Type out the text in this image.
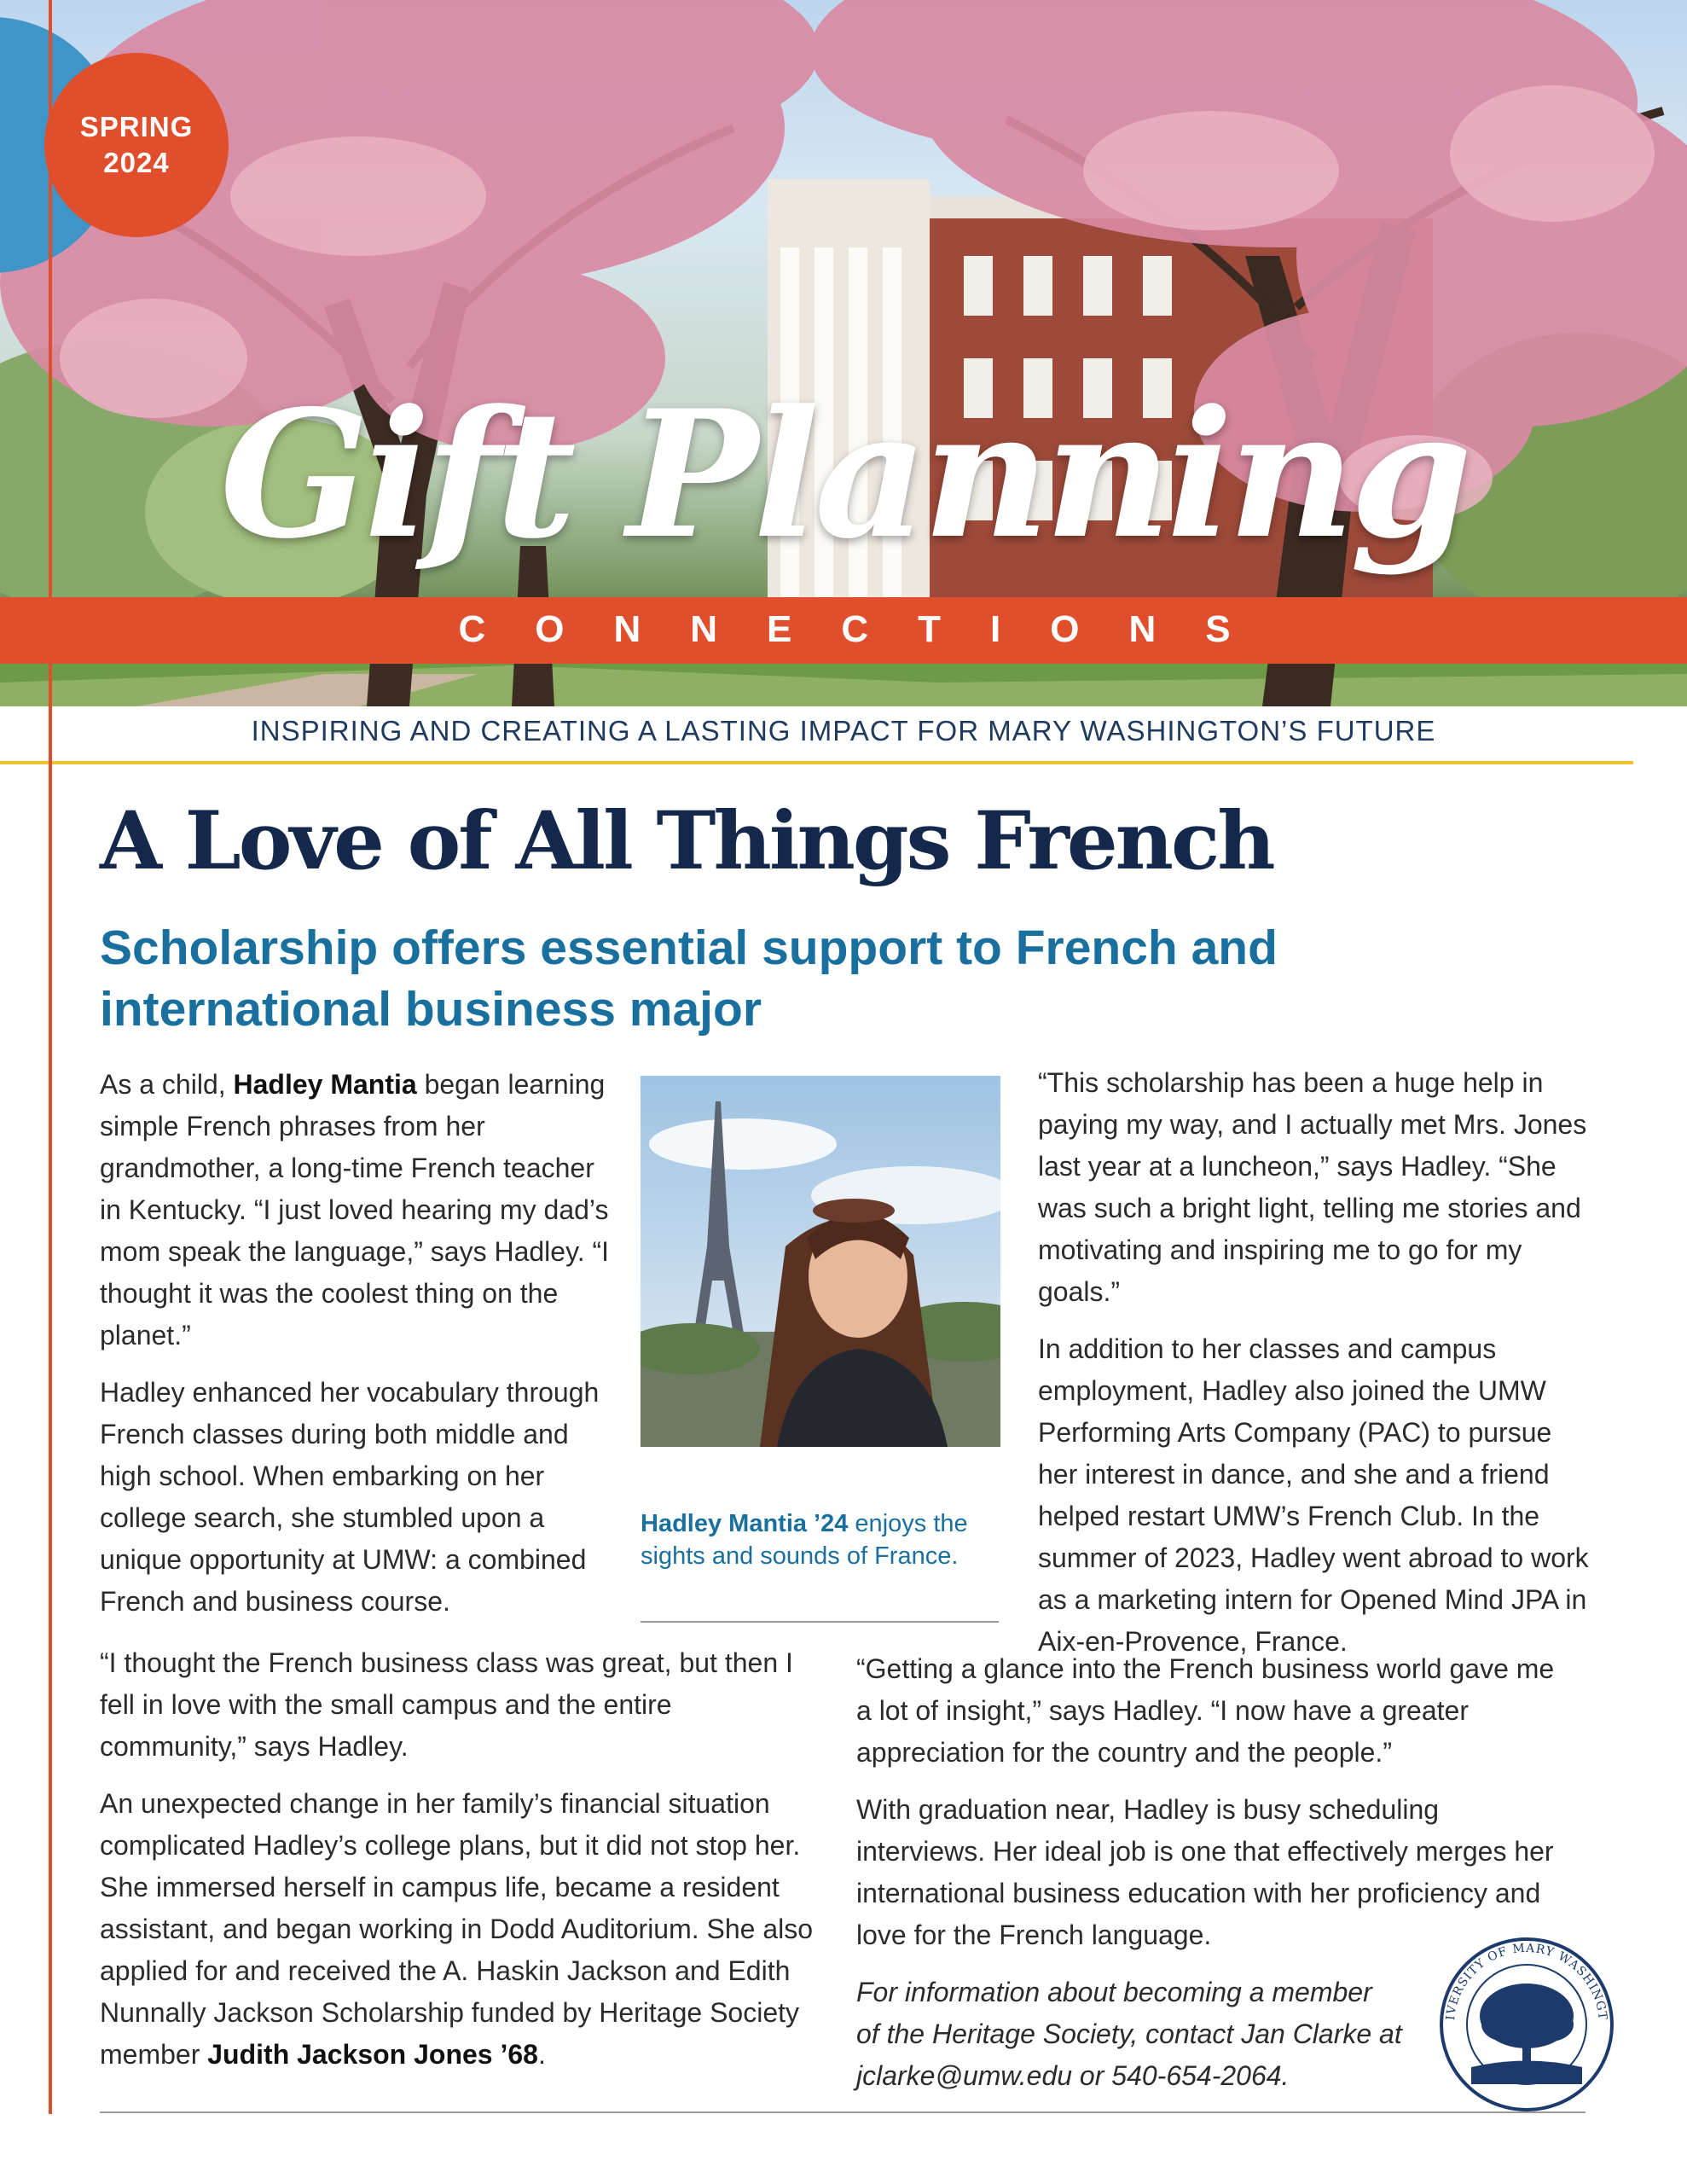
SPRING
2024
Gift Planning
CONNECTIONS
INSPIRING AND CREATING A LASTING IMPACT FOR MARY WASHINGTON’S FUTURE
A Love of All Things French
Scholarship offers essential support to French and international business major

As a child, Hadley Mantia began learning simple French phrases from her grandmother, a long-time French teacher in Kentucky. “I just loved hearing my dad’s mom speak the language,” says Hadley. “I thought it was the coolest thing on the planet.”

Hadley enhanced her vocabulary through French classes during both middle and high school. When embarking on her college search, she stumbled upon a unique opportunity at UMW: a combined French and business course.

Hadley Mantia ’24 enjoys the sights and sounds of France.

“This scholarship has been a huge help in paying my way, and I actually met Mrs. Jones last year at a luncheon,” says Hadley. “She was such a bright light, telling me stories and motivating and inspiring me to go for my goals.”

In addition to her classes and campus employment, Hadley also joined the UMW Performing Arts Company (PAC) to pursue her interest in dance, and she and a friend helped restart UMW’s French Club. In the summer of 2023, Hadley went abroad to work as a marketing intern for Opened Mind JPA in Aix-en-Provence, France.

“I thought the French business class was great, but then I fell in love with the small campus and the entire community,” says Hadley.

An unexpected change in her family’s financial situation complicated Hadley’s college plans, but it did not stop her. She immersed herself in campus life, became a resident assistant, and began working in Dodd Auditorium. She also applied for and received the A. Haskin Jackson and Edith Nunnally Jackson Scholarship funded by Heritage Society member Judith Jackson Jones ’68.

“Getting a glance into the French business world gave me a lot of insight,” says Hadley. “I now have a greater appreciation for the country and the people.”

With graduation near, Hadley is busy scheduling interviews. Her ideal job is one that effectively merges her international business education with her proficiency and love for the French language.

For information about becoming a member of the Heritage Society, contact Jan Clarke at jclarke@umw.edu or 540-654-2064.

IVERSITY OF MARY WASHINGT
